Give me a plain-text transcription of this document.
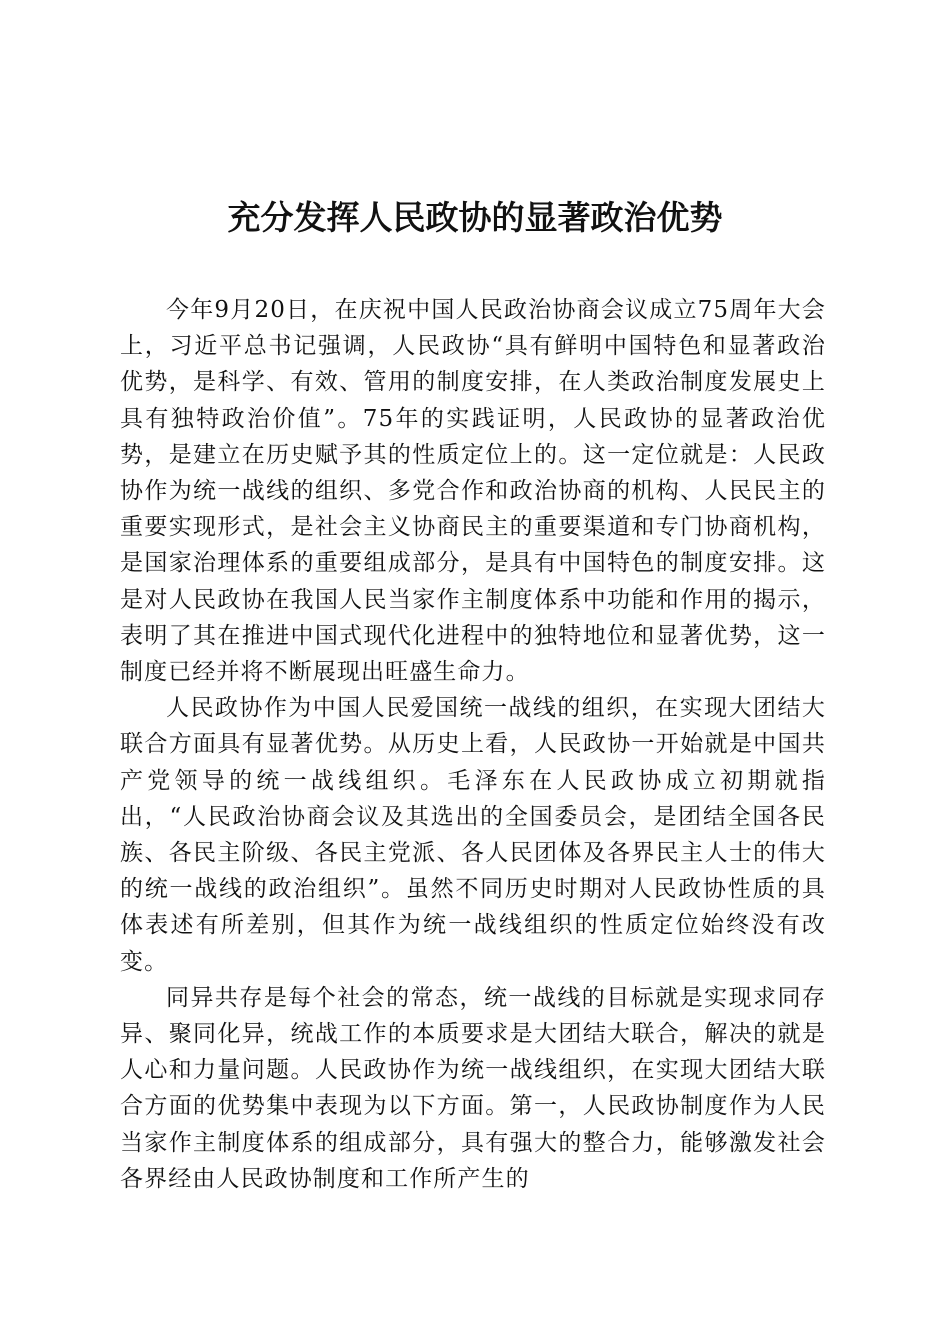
充分发挥人民政协的显著政治优势

今年9月20日，在庆祝中国人民政治协商会议成立75周年大会上，习近平总书记强调，人民政协“具有鲜明中国特色和显著政治优势，是科学、有效、管用的制度安排，在人类政治制度发展史上具有独特政治价值”。75年的实践证明，人民政协的显著政治优势，是建立在历史赋予其的性质定位上的。这一定位就是：人民政协作为统一战线的组织、多党合作和政治协商的机构、人民民主的重要实现形式，是社会主义协商民主的重要渠道和专门协商机构，是国家治理体系的重要组成部分，是具有中国特色的制度安排。这是对人民政协在我国人民当家作主制度体系中功能和作用的揭示，表明了其在推进中国式现代化进程中的独特地位和显著优势，这一制度已经并将不断展现出旺盛生命力。

人民政协作为中国人民爱国统一战线的组织，在实现大团结大联合方面具有显著优势。从历史上看，人民政协一开始就是中国共产党领导的统一战线组织。毛泽东在人民政协成立初期就指出，“人民政治协商会议及其选出的全国委员会，是团结全国各民族、各民主阶级、各民主党派、各人民团体及各界民主人士的伟大的统一战线的政治组织”。虽然不同历史时期对人民政协性质的具体表述有所差别，但其作为统一战线组织的性质定位始终没有改变。

同异共存是每个社会的常态，统一战线的目标就是实现求同存异、聚同化异，统战工作的本质要求是大团结大联合，解决的就是人心和力量问题。人民政协作为统一战线组织，在实现大团结大联合方面的优势集中表现为以下方面。第一，人民政协制度作为人民当家作主制度体系的组成部分，具有强大的整合力，能够激发社会各界经由人民政协制度和工作所产生的
